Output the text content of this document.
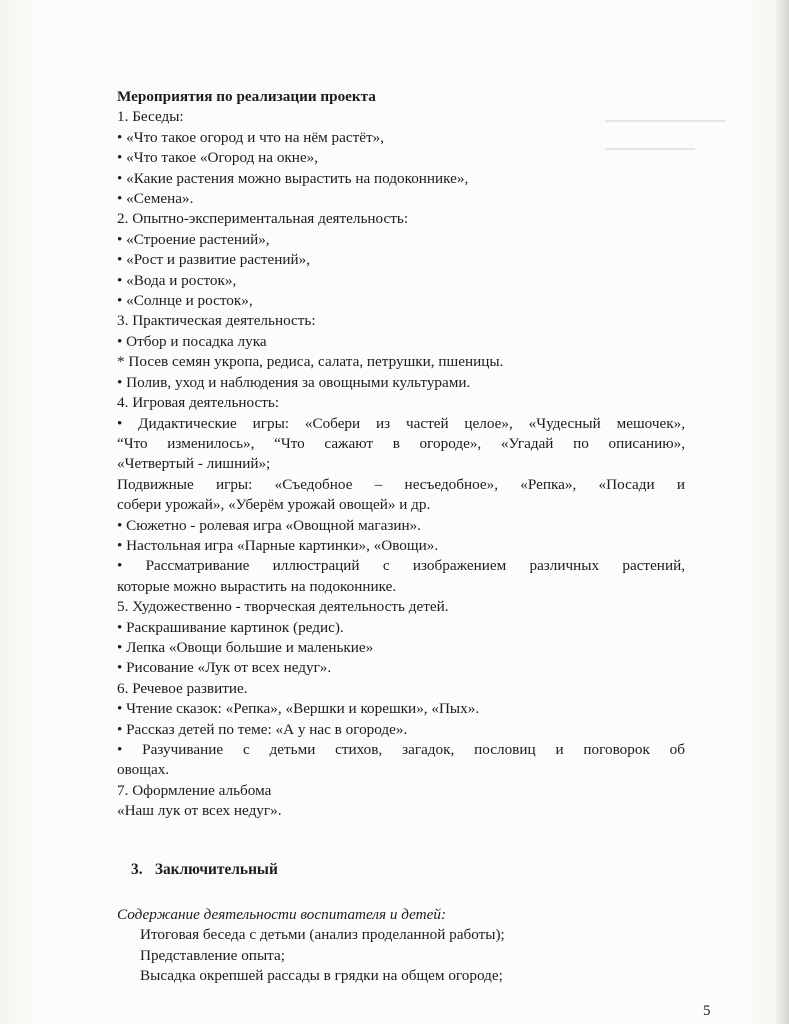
Мероприятия по реализации проекта
1. Беседы:
• «Что такое огород и что на нём растёт»,
• «Что такое «Огород на окне»,
• «Какие растения можно вырастить на подоконнике»,
• «Семена».
2. Опытно-экспериментальная деятельность:
• «Строение растений»,
• «Рост и развитие растений»,
• «Вода и росток»,
• «Солнце и росток»,
3. Практическая деятельность:
• Отбор и посадка лука
* Посев семян укропа, редиса, салата, петрушки, пшеницы.
• Полив, уход и наблюдения за овощными культурами.
4. Игровая деятельность:
• Дидактические игры: «Собери из частей целое», «Чудесный мешочек»,
“Что изменилось», “Что сажают в огороде», «Угадай по описанию»,
«Четвертый - лишний»;
Подвижные игры: «Съедобное – несъедобное», «Репка», «Посади и
собери урожай», «Уберём урожай овощей» и др.
• Сюжетно - ролевая игра «Овощной магазин».
• Настольная игра «Парные картинки», «Овощи».
• Рассматривание иллюстраций с изображением различных растений,
которые можно вырастить на подоконнике.
5. Художественно - творческая деятельность детей.
• Раскрашивание картинок (редис).
• Лепка «Овощи большие и маленькие»
• Рисование «Лук от всех недуг».
6. Речевое развитие.
• Чтение сказок: «Репка», «Вершки и корешки», «Пых».
• Рассказ детей по теме: «А у нас в огороде».
• Разучивание с детьми стихов, загадок, пословиц и поговорок об
овощах.
7. Оформление альбома
«Наш лук от всех недуг».
3. Заключительный
Содержание деятельности воспитателя и детей:
Итоговая беседа с детьми (анализ проделанной работы);
Представление опыта;
Высадка окрепшей рассады в грядки на общем огороде;
5
